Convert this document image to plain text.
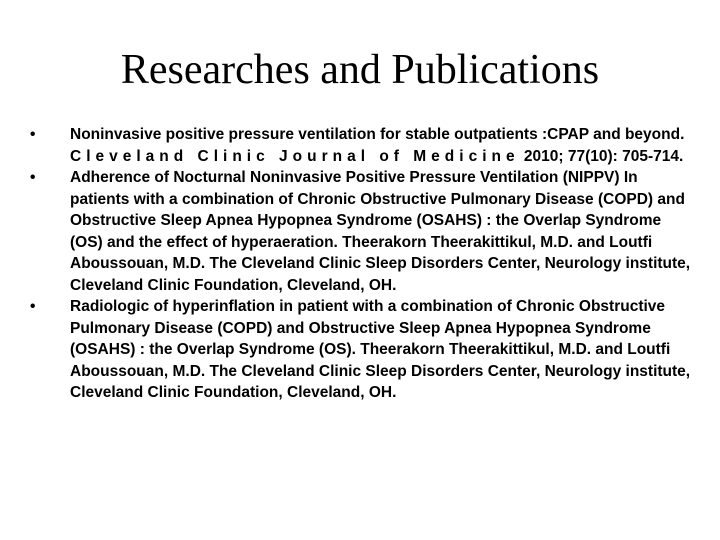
Researches and Publications
•	Noninvasive positive pressure ventilation for stable outpatients :CPAP and beyond. Cleveland Clinic Journal of Medicine 2010; 77(10): 705-714.
•	Adherence of Nocturnal Noninvasive Positive Pressure Ventilation (NIPPV) In patients with a combination of Chronic Obstructive Pulmonary Disease (COPD) and Obstructive Sleep Apnea Hypopnea Syndrome (OSAHS) : the Overlap Syndrome (OS) and the effect of hyperaeration. Theerakorn Theerakittikul, M.D. and Loutfi Aboussouan, M.D. The Cleveland Clinic Sleep Disorders Center, Neurology institute, Cleveland Clinic Foundation, Cleveland, OH.
•	Radiologic of hyperinflation in patient with a combination of Chronic Obstructive Pulmonary Disease (COPD) and Obstructive Sleep Apnea Hypopnea Syndrome (OSAHS) : the Overlap Syndrome (OS). Theerakorn Theerakittikul, M.D. and Loutfi Aboussouan, M.D. The Cleveland Clinic Sleep Disorders Center, Neurology institute, Cleveland Clinic Foundation, Cleveland, OH.
